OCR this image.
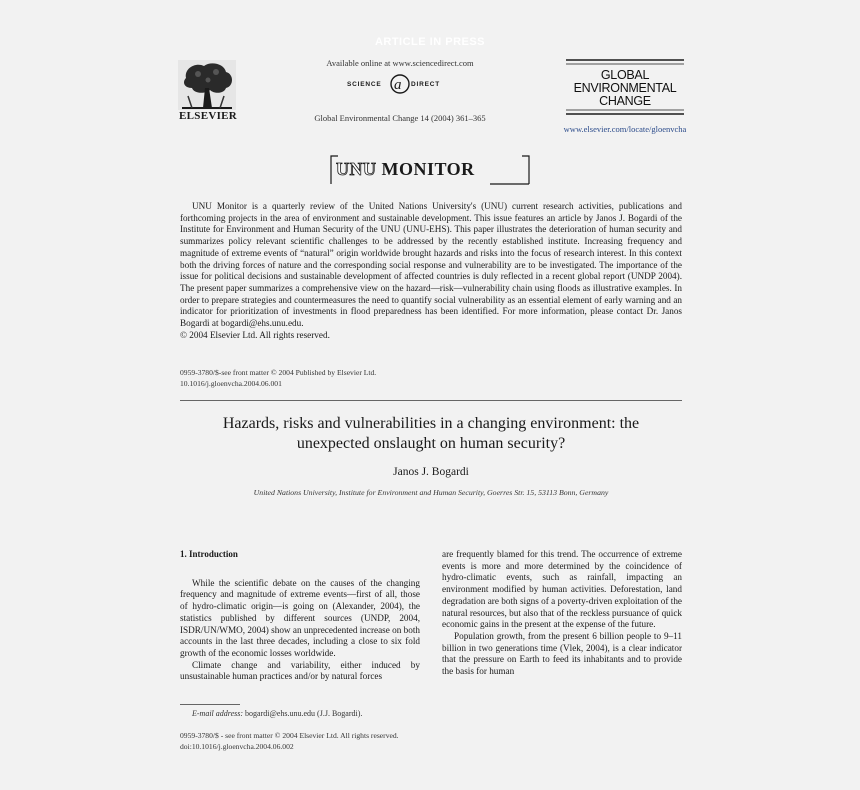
ARTICLE IN PRESS
ELSEVIER
Available online at www.sciencedirect.com
SCIENCE a DIRECT
Global Environmental Change 14 (2004) 361–365
GLOBAL
ENVIRONMENTAL
CHANGE
www.elsevier.com/locate/gloenvcha
UNU MONITOR
UNU Monitor is a quarterly review of the United Nations University's (UNU) current research activities, publications and forthcoming projects in the area of environment and sustainable development. This issue features an article by Janos J. Bogardi of the Institute for Environment and Human Security of the UNU (UNU-EHS). This paper illustrates the deterioration of human security and summarizes policy relevant scientific challenges to be addressed by the recently established institute. Increasing frequency and magnitude of extreme events of “natural” origin worldwide brought hazards and risks into the focus of research interest. In this context both the driving forces of nature and the corresponding social response and vulnerability are to be investigated. The importance of the issue for political decisions and sustainable development of affected countries is duly reflected in a recent global report (UNDP 2004). The present paper summarizes a comprehensive view on the hazard—risk—vulnerability chain using floods as illustrative examples. In order to prepare strategies and countermeasures the need to quantify social vulnerability as an essential element of early warning and an indicator for prioritization of investments in flood preparedness has been identified. For more information, please contact Dr. Janos Bogardi at bogardi@ehs.unu.edu.
© 2004 Elsevier Ltd. All rights reserved.
0959-3780/$-see front matter © 2004 Published by Elsevier Ltd.
10.1016/j.gloenvcha.2004.06.001
Hazards, risks and vulnerabilities in a changing environment: the
unexpected onslaught on human security?
Janos J. Bogardi
United Nations University, Institute for Environment and Human Security, Goerres Str. 15, 53113 Bonn, Germany

1. Introduction

While the scientific debate on the causes of the changing frequency and magnitude of extreme events—first of all, those of hydro-climatic origin—is going on (Alexander, 2004), the statistics published by different sources (UNDP, 2004, ISDR/UN/WMO, 2004) show an unprecedented increase on both accounts in the last three decades, including a close to six fold growth of the economic losses worldwide.

Climate change and variability, either induced by unsustainable human practices and/or by natural forces

are frequently blamed for this trend. The occurrence of extreme events is more and more determined by the coincidence of hydro-climatic events, such as rainfall, impacting an environment modified by human activities. Deforestation, land degradation are both signs of a poverty-driven exploitation of the natural resources, but also that of the reckless pursuance of quick economic gains in the present at the expense of the future.

Population growth, from the present 6 billion people to 9–11 billion in two generations time (Vlek, 2004), is a clear indicator that the pressure on Earth to feed its inhabitants and to provide the basis for human

E-mail address: bogardi@ehs.unu.edu (J.J. Bogardi).
0959-3780/$ - see front matter © 2004 Elsevier Ltd. All rights reserved.
doi:10.1016/j.gloenvcha.2004.06.002
